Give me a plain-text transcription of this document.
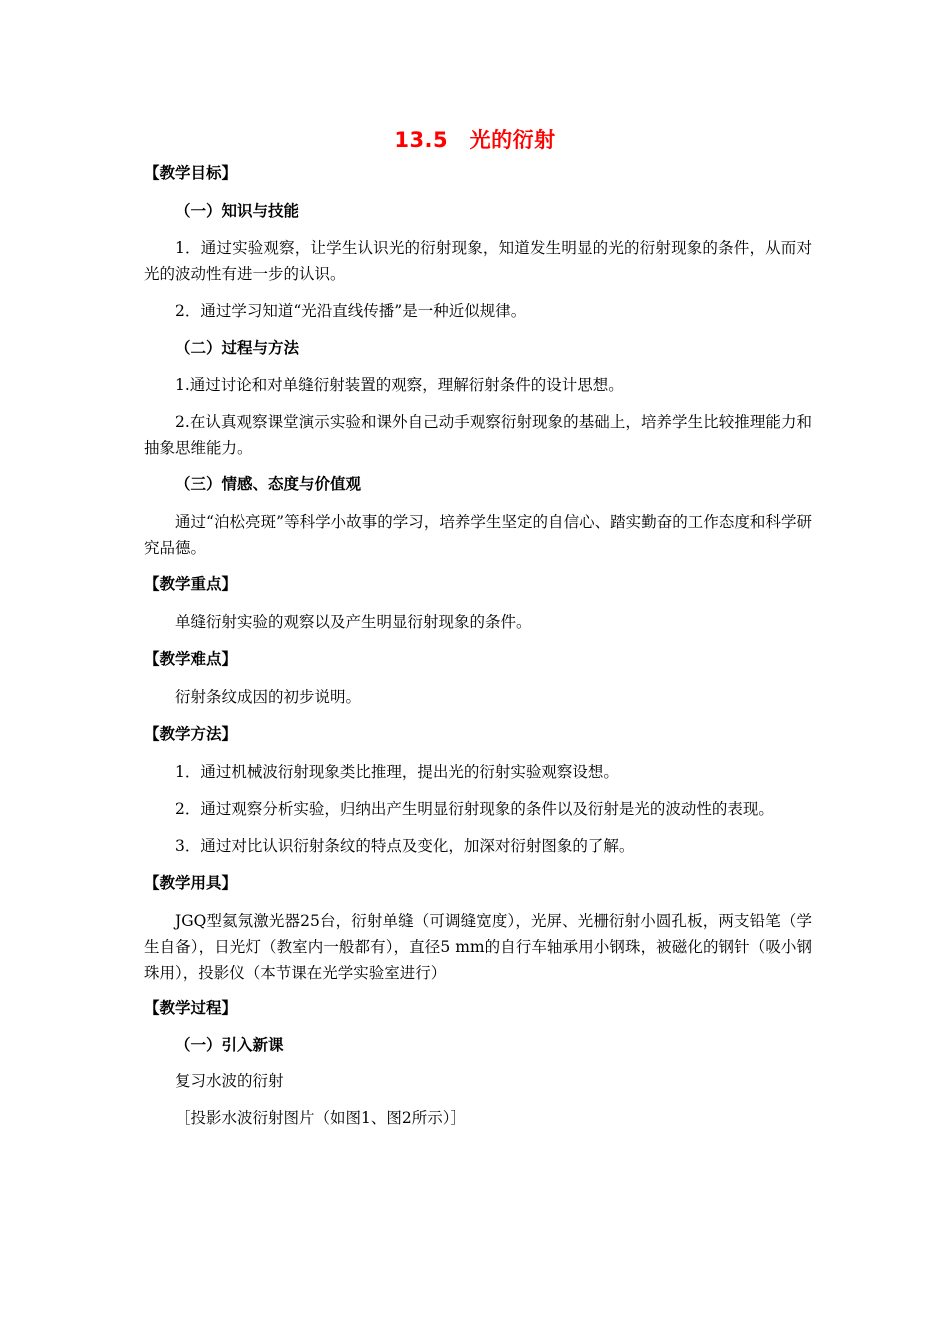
13.5　光的衍射
【教学目标】
（一）知识与技能
1．通过实验观察，让学生认识光的衍射现象，知道发生明显的光的衍射现象的条件，从而对光的波动性有进一步的认识。
2．通过学习知道“光沿直线传播”是一种近似规律。
（二）过程与方法
1.通过讨论和对单缝衍射装置的观察，理解衍射条件的设计思想。
2.在认真观察课堂演示实验和课外自己动手观察衍射现象的基础上，培养学生比较推理能力和抽象思维能力。
（三）情感、态度与价值观
通过“泊松亮斑”等科学小故事的学习，培养学生坚定的自信心、踏实勤奋的工作态度和科学研究品德。
【教学重点】
单缝衍射实验的观察以及产生明显衍射现象的条件。
【教学难点】
衍射条纹成因的初步说明。
【教学方法】
1．通过机械波衍射现象类比推理，提出光的衍射实验观察设想。
2．通过观察分析实验，归纳出产生明显衍射现象的条件以及衍射是光的波动性的表现。
3．通过对比认识衍射条纹的特点及变化，加深对衍射图象的了解。
【教学用具】
JGQ型氦氖激光器25台，衍射单缝（可调缝宽度），光屏、光栅衍射小圆孔板，两支铅笔（学生自备），日光灯（教室内一般都有），直径5 mm的自行车轴承用小钢珠，被磁化的钢针（吸小钢珠用），投影仪（本节课在光学实验室进行）
【教学过程】
（一）引入新课
复习水波的衍射
［投影水波衍射图片（如图1、图2所示）］
